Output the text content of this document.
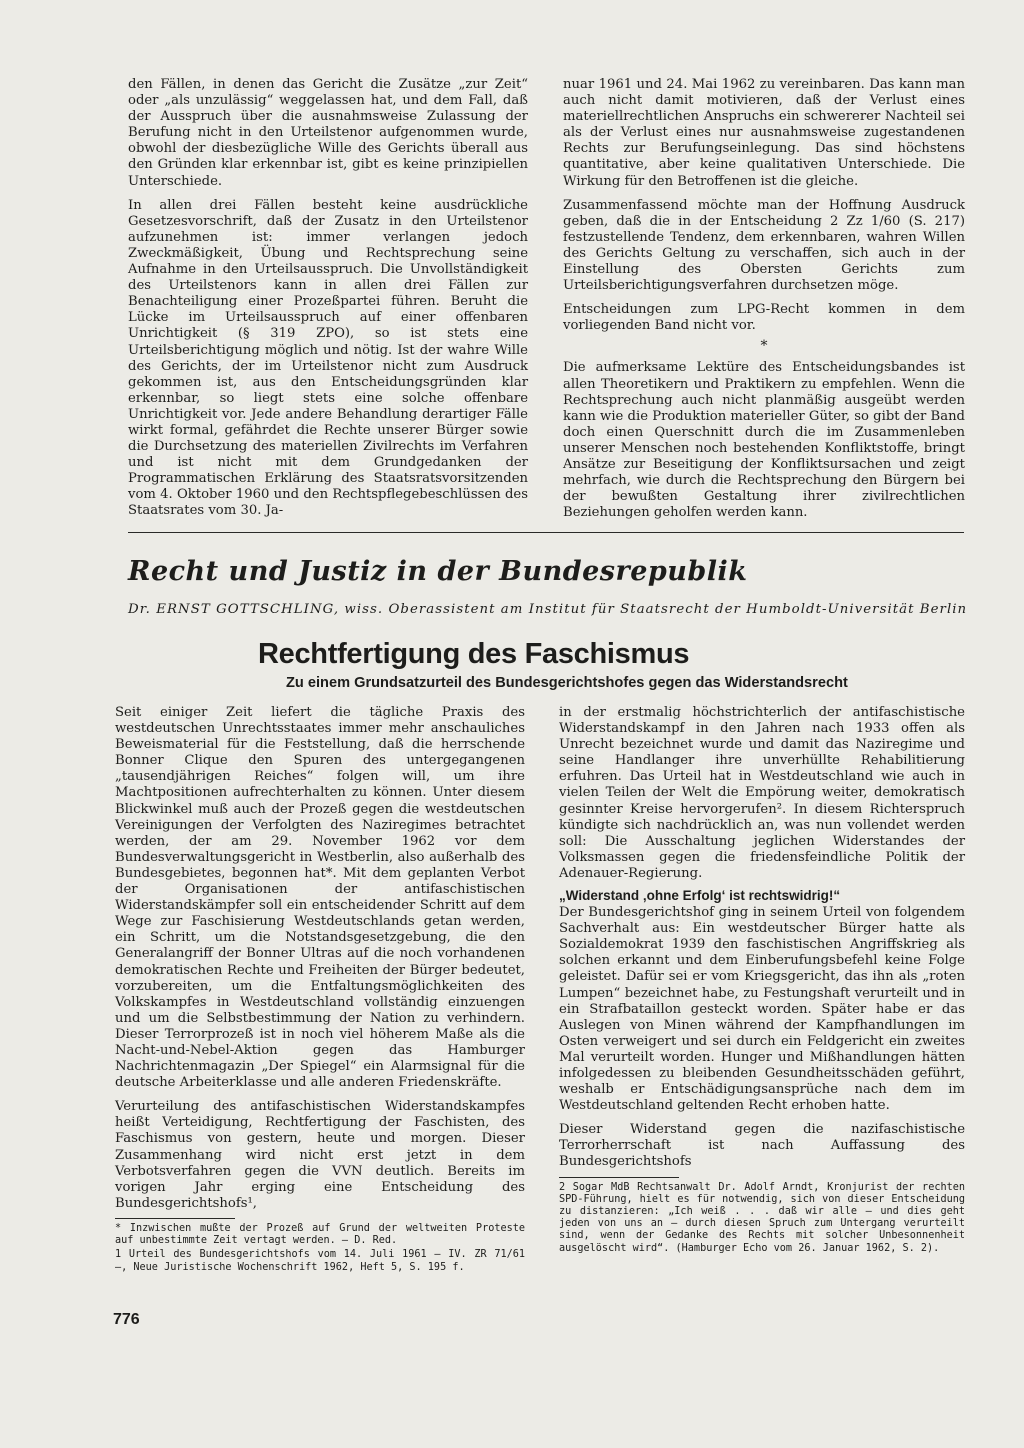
den Fällen, in denen das Gericht die Zusätze „zur Zeit“ oder „als unzulässig“ weggelassen hat, und dem Fall, daß der Ausspruch über die ausnahmsweise Zulassung der Berufung nicht in den Urteilstenor aufgenommen wurde, obwohl der diesbezügliche Wille des Gerichts überall aus den Gründen klar erkennbar ist, gibt es keine prinzipiellen Unterschiede.

In allen drei Fällen besteht keine ausdrückliche Gesetzesvorschrift, daß der Zusatz in den Urteilstenor aufzunehmen ist: immer verlangen jedoch Zweckmäßigkeit, Übung und Rechtsprechung seine Aufnahme in den Urteilsausspruch. Die Unvollständigkeit des Urteilstenors kann in allen drei Fällen zur Benachteiligung einer Prozeßpartei führen. Beruht die Lücke im Urteilsausspruch auf einer offenbaren Unrichtigkeit (§ 319 ZPO), so ist stets eine Urteilsberichtigung möglich und nötig. Ist der wahre Wille des Gerichts, der im Urteilstenor nicht zum Ausdruck gekommen ist, aus den Entscheidungsgründen klar erkennbar, so liegt stets eine solche offenbare Unrichtigkeit vor. Jede andere Behandlung derartiger Fälle wirkt formal, gefährdet die Rechte unserer Bürger sowie die Durchsetzung des materiellen Zivilrechts im Verfahren und ist nicht mit dem Grundgedanken der Programmatischen Erklärung des Staatsratsvorsitzenden vom 4. Oktober 1960 und den Rechtspflegebeschlüssen des Staatsrates vom 30. Ja-

nuar 1961 und 24. Mai 1962 zu vereinbaren. Das kann man auch nicht damit motivieren, daß der Verlust eines materiellrechtlichen Anspruchs ein schwererer Nachteil sei als der Verlust eines nur ausnahmsweise zugestandenen Rechts zur Berufungseinlegung. Das sind höchstens quantitative, aber keine qualitativen Unterschiede. Die Wirkung für den Betroffenen ist die gleiche.

Zusammenfassend möchte man der Hoffnung Ausdruck geben, daß die in der Entscheidung 2 Zz 1/60 (S. 217) festzustellende Tendenz, dem erkennbaren, wahren Willen des Gerichts Geltung zu verschaffen, sich auch in der Einstellung des Obersten Gerichts zum Urteilsberichtigungsverfahren durchsetzen möge.

Entscheidungen zum LPG-Recht kommen in dem vorliegenden Band nicht vor.

*

Die aufmerksame Lektüre des Entscheidungsbandes ist allen Theoretikern und Praktikern zu empfehlen. Wenn die Rechtsprechung auch nicht planmäßig ausgeübt werden kann wie die Produktion materieller Güter, so gibt der Band doch einen Querschnitt durch die im Zusammenleben unserer Menschen noch bestehenden Konfliktstoffe, bringt Ansätze zur Beseitigung der Konfliktsursachen und zeigt mehrfach, wie durch die Rechtsprechung den Bürgern bei der bewußten Gestaltung ihrer zivilrechtlichen Beziehungen geholfen werden kann.

Recht und Justiz in der Bundesrepublik

Dr. ERNST GOTTSCHLING, wiss. Oberassistent am Institut für Staatsrecht der Humboldt-Universität Berlin

Rechtfertigung des Faschismus

Zu einem Grundsatzurteil des Bundesgerichtshofes gegen das Widerstandsrecht

Seit einiger Zeit liefert die tägliche Praxis des westdeutschen Unrechtsstaates immer mehr anschauliches Beweismaterial für die Feststellung, daß die herrschende Bonner Clique den Spuren des untergegangenen „tausendjährigen Reiches“ folgen will, um ihre Machtpositionen aufrechterhalten zu können. Unter diesem Blickwinkel muß auch der Prozeß gegen die westdeutschen Vereinigungen der Verfolgten des Naziregimes betrachtet werden, der am 29. November 1962 vor dem Bundesverwaltungsgericht in Westberlin, also außerhalb des Bundesgebietes, begonnen hat*. Mit dem geplanten Verbot der Organisationen der antifaschistischen Widerstandskämpfer soll ein entscheidender Schritt auf dem Wege zur Faschisierung Westdeutschlands getan werden, ein Schritt, um die Notstandsgesetzgebung, die den Generalangriff der Bonner Ultras auf die noch vorhandenen demokratischen Rechte und Freiheiten der Bürger bedeutet, vorzubereiten, um die Entfaltungsmöglichkeiten des Volkskampfes in Westdeutschland vollständig einzuengen und um die Selbstbestimmung der Nation zu verhindern. Dieser Terrorprozeß ist in noch viel höherem Maße als die Nacht-und-Nebel-Aktion gegen das Hamburger Nachrichtenmagazin „Der Spiegel“ ein Alarmsignal für die deutsche Arbeiterklasse und alle anderen Friedenskräfte.

Verurteilung des antifaschistischen Widerstandskampfes heißt Verteidigung, Rechtfertigung der Faschisten, des Faschismus von gestern, heute und morgen. Dieser Zusammenhang wird nicht erst jetzt in dem Verbotsverfahren gegen die VVN deutlich. Bereits im vorigen Jahr erging eine Entscheidung des Bundesgerichtshofs¹,

* Inzwischen mußte der Prozeß auf Grund der weltweiten Proteste auf unbestimmte Zeit vertagt werden. – D. Red.

1 Urteil des Bundesgerichtshofs vom 14. Juli 1961 – IV. ZR 71/61 –, Neue Juristische Wochenschrift 1962, Heft 5, S. 195 f.

in der erstmalig höchstrichterlich der antifaschistische Widerstandskampf in den Jahren nach 1933 offen als Unrecht bezeichnet wurde und damit das Naziregime und seine Handlanger ihre unverhüllte Rehabilitierung erfuhren. Das Urteil hat in Westdeutschland wie auch in vielen Teilen der Welt die Empörung weiter, demokratisch gesinnter Kreise hervorgerufen². In diesem Richterspruch kündigte sich nachdrücklich an, was nun vollendet werden soll: Die Ausschaltung jeglichen Widerstandes der Volksmassen gegen die friedensfeindliche Politik der Adenauer-Regierung.

„Widerstand ‚ohne Erfolg‘ ist rechtswidrig!“

Der Bundesgerichtshof ging in seinem Urteil von folgendem Sachverhalt aus: Ein westdeutscher Bürger hatte als Sozialdemokrat 1939 den faschistischen Angriffskrieg als solchen erkannt und dem Einberufungsbefehl keine Folge geleistet. Dafür sei er vom Kriegsgericht, das ihn als „roten Lumpen“ bezeichnet habe, zu Festungshaft verurteilt und in ein Strafbataillon gesteckt worden. Später habe er das Auslegen von Minen während der Kampfhandlungen im Osten verweigert und sei durch ein Feldgericht ein zweites Mal verurteilt worden. Hunger und Mißhandlungen hätten infolgedessen zu bleibenden Gesundheitsschäden geführt, weshalb er Entschädigungsansprüche nach dem im Westdeutschland geltenden Recht erhoben hatte.

Dieser Widerstand gegen die nazifaschistische Terrorherrschaft ist nach Auffassung des Bundesgerichtshofs

2 Sogar MdB Rechtsanwalt Dr. Adolf Arndt, Kronjurist der rechten SPD-Führung, hielt es für notwendig, sich von dieser Entscheidung zu distanzieren: „Ich weiß . . . daß wir alle – und dies geht jeden von uns an – durch diesen Spruch zum Untergang verurteilt sind, wenn der Gedanke des Rechts mit solcher Unbesonnenheit ausgelöscht wird“. (Hamburger Echo vom 26. Januar 1962, S. 2).

776
